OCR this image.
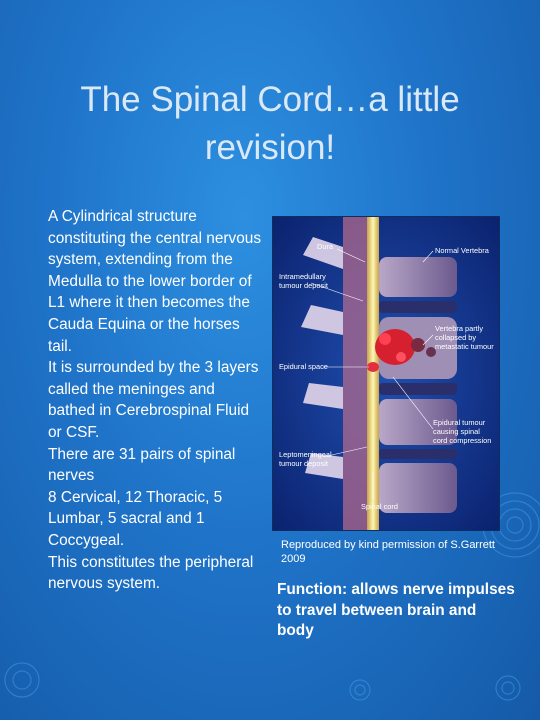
The Spinal Cord…a little revision!

A Cylindrical structure constituting the central nervous system, extending from the Medulla to the lower border of L1 where it then becomes the Cauda Equina or the horses tail.

It is surrounded by the 3 layers called the meninges and bathed in Cerebrospinal Fluid or CSF.

There are 31 pairs of spinal nerves

8 Cervical, 12 Thoracic, 5 Lumbar, 5 sacral and 1 Coccygeal.

This constitutes the peripheral nervous system.

Dura	Normal Vertebra
Intramedullary
tumour deposit
Vertebra partly
collapsed by
metastatic tumour
Epidural space
Epidural tumour
causing spinal
cord compression
Leptomeningeal
tumour deposit
Spinal cord
Reproduced by kind permission of S.Garrett 2009
Function: allows nerve impulses to travel between brain and body
